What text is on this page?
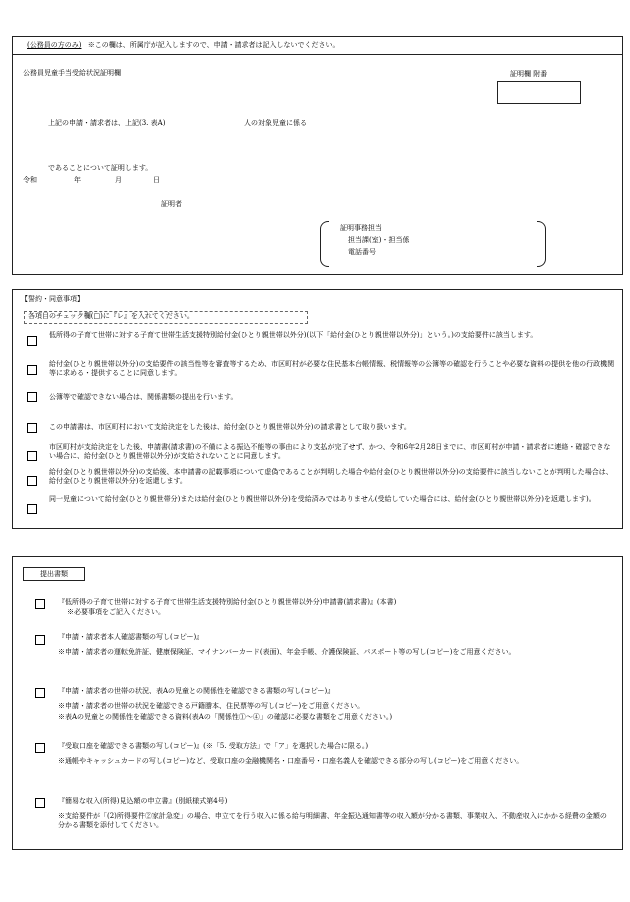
(公務員の方のみ) ※この欄は、所属庁が記入しますので、申請・請求者は記入しないでください。
公務員児童手当受給状況証明欄	証明欄 附番
上記の申請・請求者は、上記(3. 表A)	人の対象児童に係る
であることについて証明します。
令和	年	月	日
証明者
証明事務担当
担当課(室)・担当係
電話番号
【誓約・同意事項】
各項目のチェック欄(□)に『レ』を入れてください。
低所得の子育て世帯に対する子育て世帯生活支援特別給付金(ひとり親世帯以外分)(以下「給付金(ひとり親世帯以外分)」という。)の支給要件に該当します。
給付金(ひとり親世帯以外分)の支給要件の該当性等を審査等するため、市区町村が必要な住民基本台帳情報、税情報等の公簿等の確認を行うことや必要な資料の提供を他の行政機関等に求める・提供することに同意します。
公簿等で確認できない場合は、関係書類の提出を行います。
この申請書は、市区町村において支給決定をした後は、給付金(ひとり親世帯以外分)の請求書として取り扱います。
市区町村が支給決定をした後、申請書(請求書)の不備による振込不能等の事由により支払が完了せず、かつ、令和6年2月28日までに、市区町村が申請・請求者に連絡・確認できない場合に、給付金(ひとり親世帯以外分)が支給されないことに同意します。
給付金(ひとり親世帯以外分)の支給後、本申請書の記載事項について虚偽であることが判明した場合や給付金(ひとり親世帯以外分)の支給要件に該当しないことが判明した場合は、給付金(ひとり親世帯以外分)を返還します。
同一児童について給付金(ひとり親世帯分)または給付金(ひとり親世帯以外分)を受給済みではありません(受給していた場合には、給付金(ひとり親世帯以外分)を返還します)。
提出書類
『低所得の子育て世帯に対する子育て世帯生活支援特別給付金(ひとり親世帯以外分)申請書(請求書)』(本書)
※必要事項をご記入ください。
『申請・請求者本人確認書類の写し(コピー)』
※申請・請求者の運転免許証、健康保険証、マイナンバーカード(表面)、年金手帳、介護保険証、パスポート等の写し(コピー)をご用意ください。
『申請・請求者の世帯の状況、表Aの児童との関係性を確認できる書類の写し(コピー)』
※申請・請求者の世帯の状況を確認できる戸籍謄本、住民票等の写し(コピー)をご用意ください。
※表Aの児童との関係性を確認できる資料(表Aの「関係性①〜④」の確認に必要な書類をご用意ください。)
『受取口座を確認できる書類の写し(コピー)』(※「5. 受取方法」で「ア」を選択した場合に限る。)
※通帳やキャッシュカードの写し(コピー)など、受取口座の金融機関名・口座番号・口座名義人を確認できる部分の写し(コピー)をご用意ください。
『簡易な収入(所得)見込額の申立書』(別紙様式第4号)
※支給要件が「(2)所得要件②家計急変」の場合、申立てを行う収入に係る給与明細書、年金振込通知書等の収入額が分かる書類、事業収入、不動産収入にかかる経費の金額の分かる書類を添付してください。
